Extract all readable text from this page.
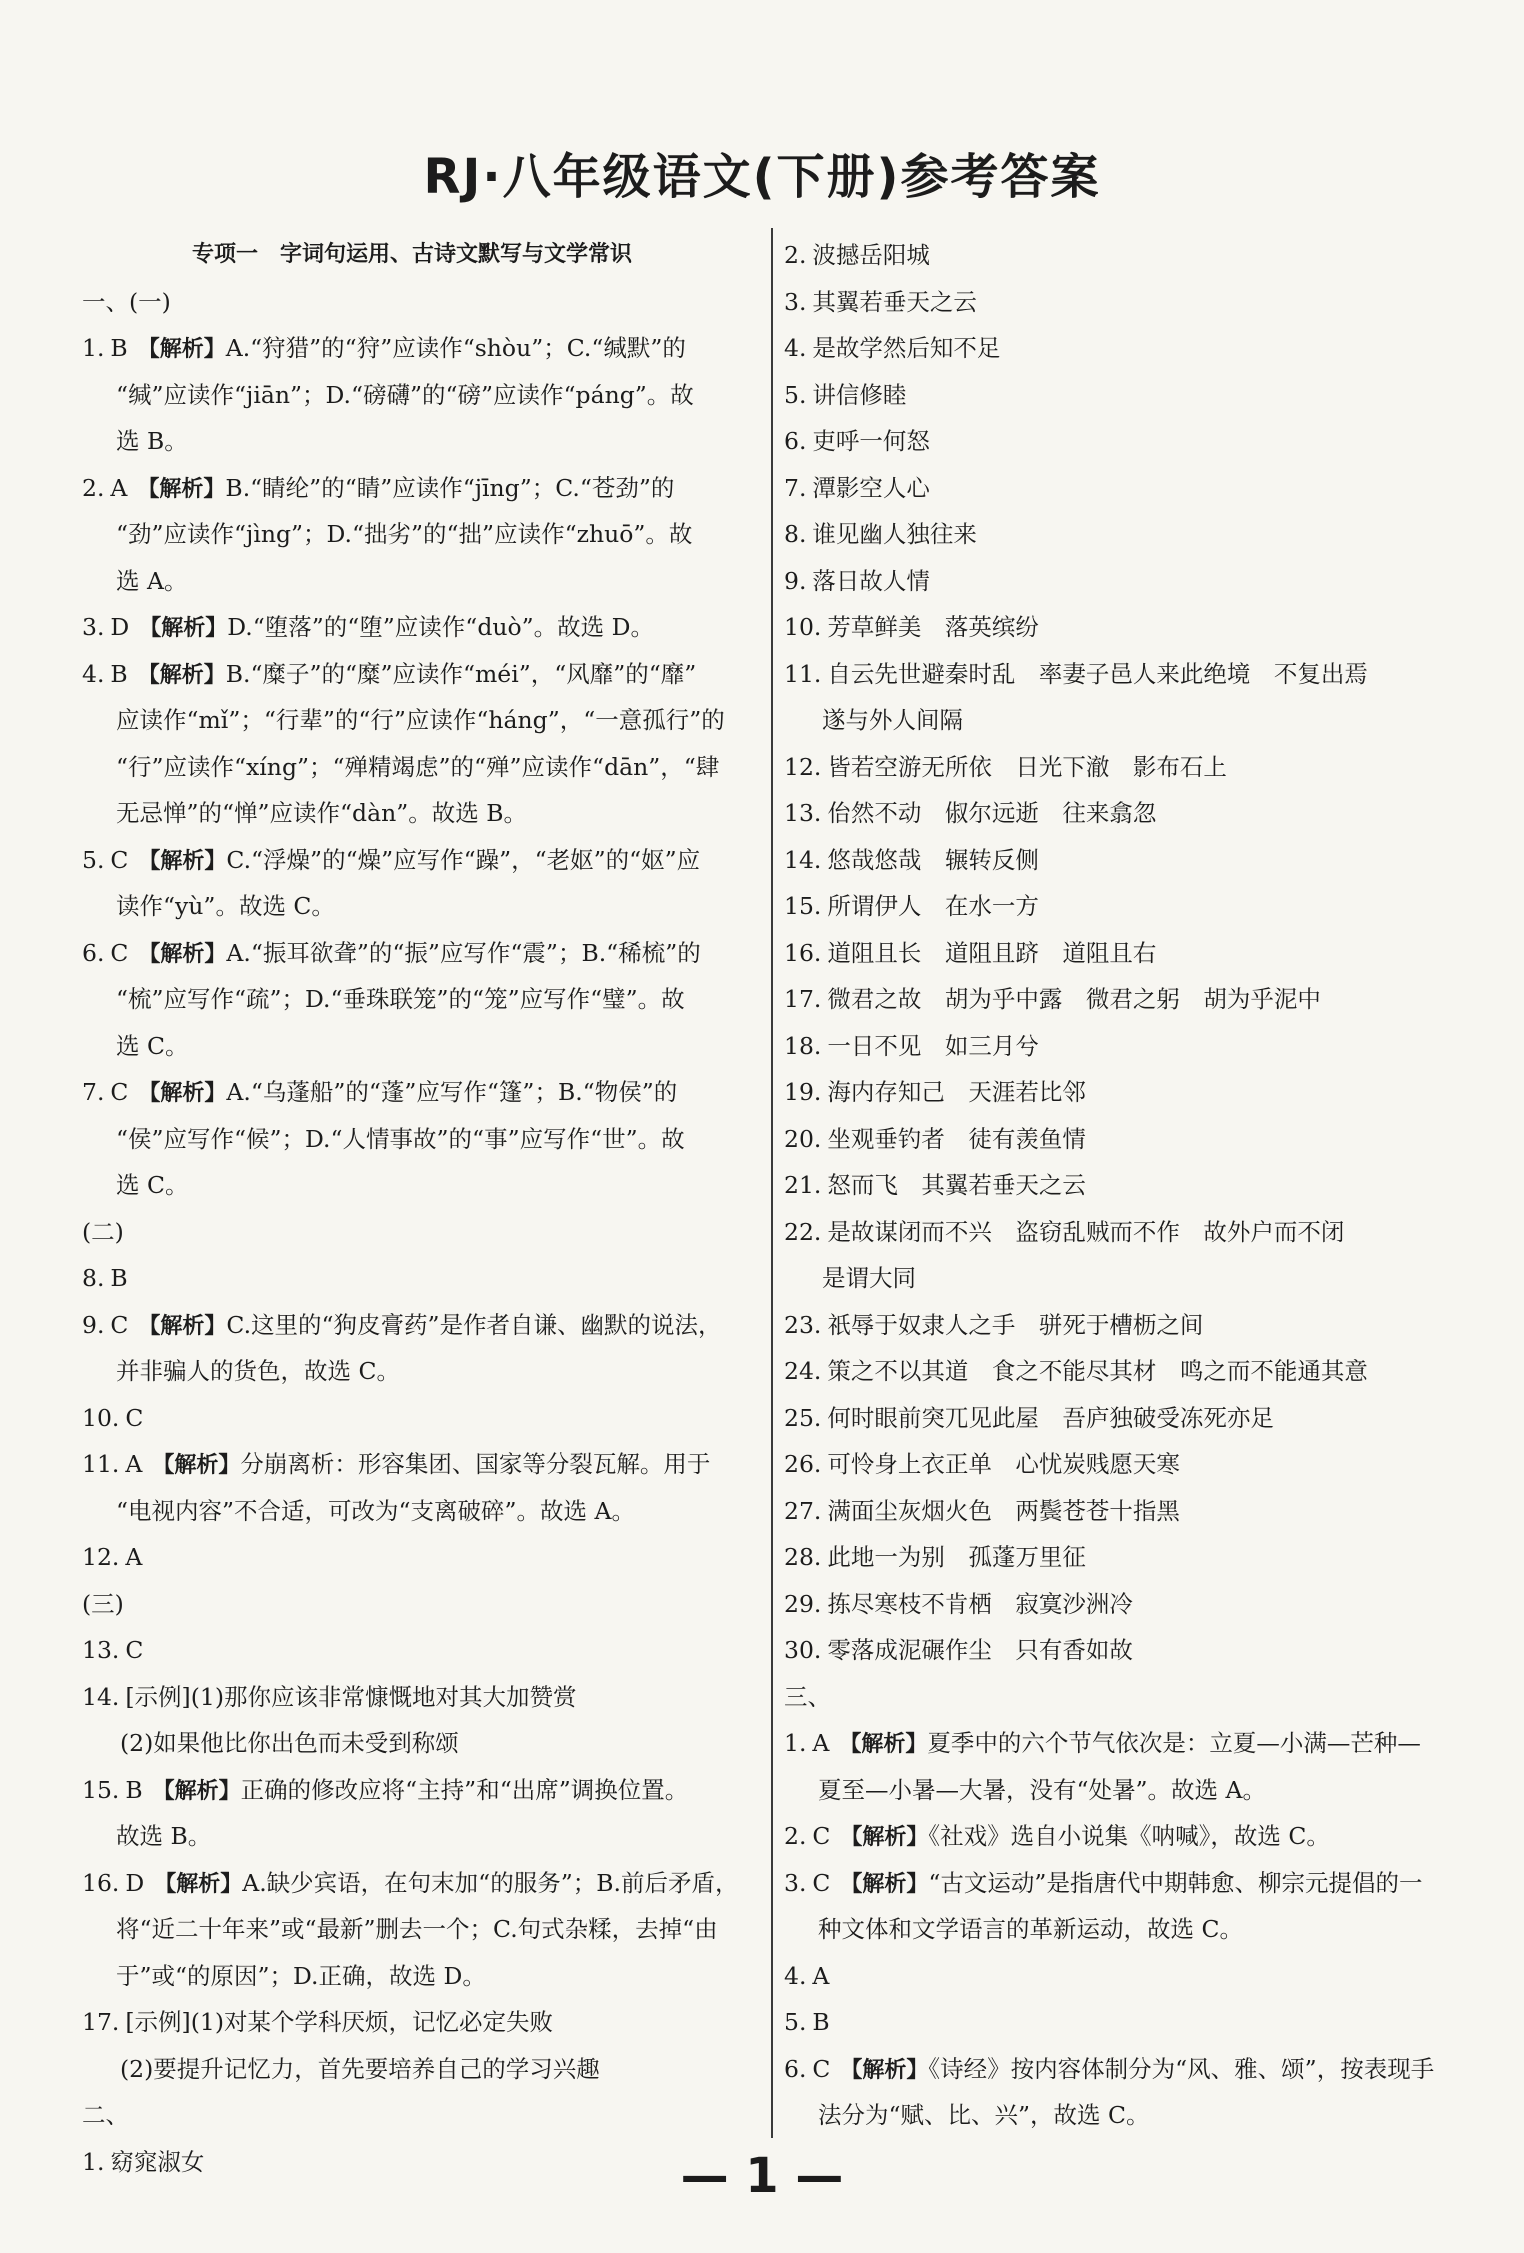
RJ·八年级语文(下册)参考答案
专项一　字词句运用、古诗文默写与文学常识
一、(一)
1. B 【解析】A.“狩猎”的“狩”应读作“shòu”；C.“缄默”的
“缄”应读作“jiān”；D.“磅礴”的“磅”应读作“páng”。故
选 B。
2. A 【解析】B.“睛纶”的“睛”应读作“jīng”；C.“苍劲”的
“劲”应读作“jìng”；D.“拙劣”的“拙”应读作“zhuō”。故
选 A。
3. D 【解析】D.“堕落”的“堕”应读作“duò”。故选 D。
4. B 【解析】B.“糜子”的“糜”应读作“méi”，“风靡”的“靡”
应读作“mǐ”；“行辈”的“行”应读作“háng”，“一意孤行”的
“行”应读作“xíng”；“殚精竭虑”的“殚”应读作“dān”，“肆
无忌惮”的“惮”应读作“dàn”。故选 B。
5. C 【解析】C.“浮燥”的“燥”应写作“躁”，“老妪”的“妪”应
读作“yù”。故选 C。
6. C 【解析】A.“振耳欲聋”的“振”应写作“震”；B.“稀梳”的
“梳”应写作“疏”；D.“垂珠联笼”的“笼”应写作“璧”。故
选 C。
7. C 【解析】A.“乌蓬船”的“蓬”应写作“篷”；B.“物侯”的
“侯”应写作“候”；D.“人情事故”的“事”应写作“世”。故
选 C。
(二)
8. B
9. C 【解析】C.这里的“狗皮膏药”是作者自谦、幽默的说法，
并非骗人的货色，故选 C。
10. C
11. A 【解析】分崩离析：形容集团、国家等分裂瓦解。用于
“电视内容”不合适，可改为“支离破碎”。故选 A。
12. A
(三)
13. C
14. [示例](1)那你应该非常慷慨地对其大加赞赏
(2)如果他比你出色而未受到称颂
15. B 【解析】正确的修改应将“主持”和“出席”调换位置。
故选 B。
16. D 【解析】A.缺少宾语，在句末加“的服务”；B.前后矛盾，
将“近二十年来”或“最新”删去一个；C.句式杂糅，去掉“由
于”或“的原因”；D.正确，故选 D。
17. [示例](1)对某个学科厌烦，记忆必定失败
(2)要提升记忆力，首先要培养自己的学习兴趣
二、
1. 窈窕淑女
2. 波撼岳阳城
3. 其翼若垂天之云
4. 是故学然后知不足
5. 讲信修睦
6. 吏呼一何怒
7. 潭影空人心
8. 谁见幽人独往来
9. 落日故人情
10. 芳草鲜美　落英缤纷
11. 自云先世避秦时乱　率妻子邑人来此绝境　不复出焉
遂与外人间隔
12. 皆若空游无所依　日光下澈　影布石上
13. 佁然不动　俶尔远逝　往来翕忽
14. 悠哉悠哉　辗转反侧
15. 所谓伊人　在水一方
16. 道阻且长　道阻且跻　道阻且右
17. 微君之故　胡为乎中露　微君之躬　胡为乎泥中
18. 一日不见　如三月兮
19. 海内存知己　天涯若比邻
20. 坐观垂钓者　徒有羡鱼情
21. 怒而飞　其翼若垂天之云
22. 是故谋闭而不兴　盗窃乱贼而不作　故外户而不闭
是谓大同
23. 祇辱于奴隶人之手　骈死于槽枥之间
24. 策之不以其道　食之不能尽其材　鸣之而不能通其意
25. 何时眼前突兀见此屋　吾庐独破受冻死亦足
26. 可怜身上衣正单　心忧炭贱愿天寒
27. 满面尘灰烟火色　两鬓苍苍十指黑
28. 此地一为别　孤蓬万里征
29. 拣尽寒枝不肯栖　寂寞沙洲冷
30. 零落成泥碾作尘　只有香如故
三、
1. A 【解析】夏季中的六个节气依次是：立夏—小满—芒种—
夏至—小暑—大暑，没有“处暑”。故选 A。
2. C 【解析】《社戏》选自小说集《呐喊》，故选 C。
3. C 【解析】“古文运动”是指唐代中期韩愈、柳宗元提倡的一
种文体和文学语言的革新运动，故选 C。
4. A
5. B
6. C 【解析】《诗经》按内容体制分为“风、雅、颂”，按表现手
法分为“赋、比、兴”，故选 C。
— 1 —
